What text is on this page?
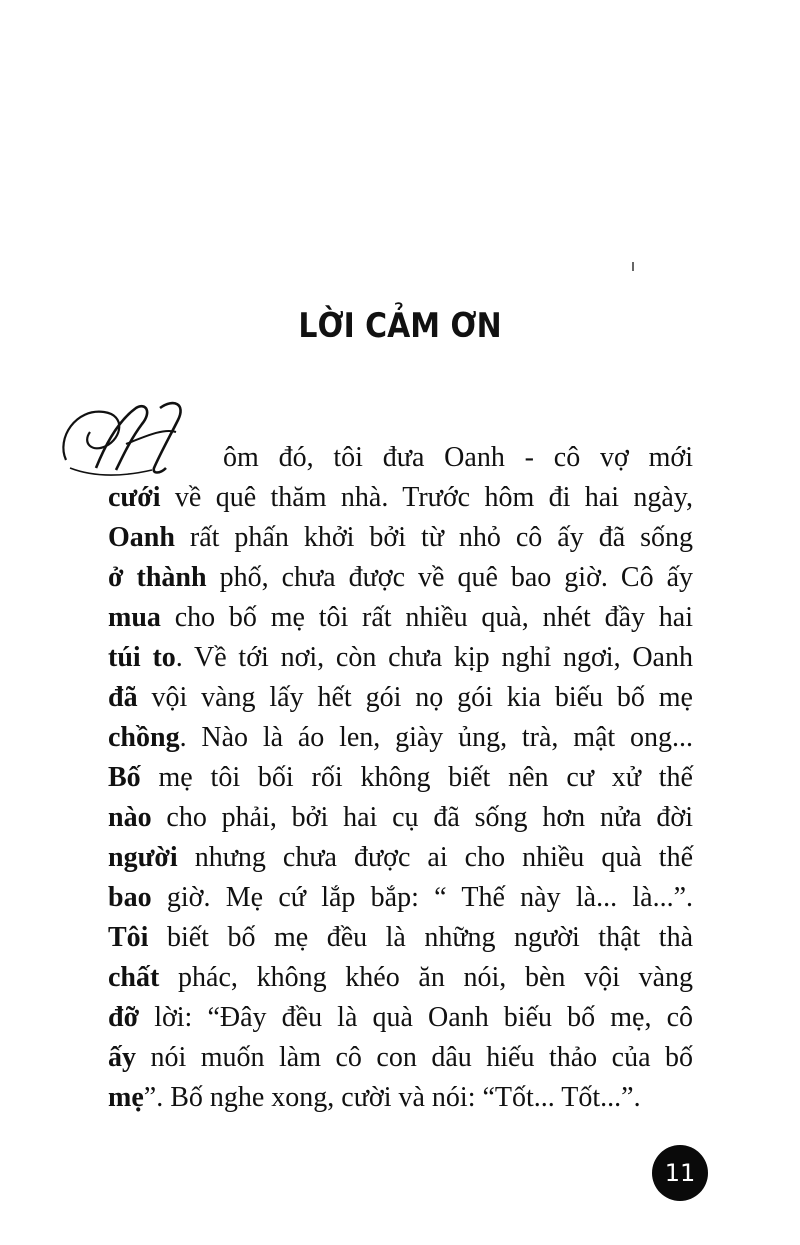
LỜI CẢM ƠN
ôm đó, tôi đưa Oanh - cô vợ mới
cưới về quê thăm nhà. Trước hôm đi hai ngày,
Oanh rất phấn khởi bởi từ nhỏ cô ấy đã sống
ở thành phố, chưa được về quê bao giờ. Cô ấy
mua cho bố mẹ tôi rất nhiều quà, nhét đầy hai
túi to. Về tới nơi, còn chưa kịp nghỉ ngơi, Oanh
đã vội vàng lấy hết gói nọ gói kia biếu bố mẹ
chồng. Nào là áo len, giày ủng, trà, mật ong...
Bố mẹ tôi bối rối không biết nên cư xử thế
nào cho phải, bởi hai cụ đã sống hơn nửa đời
người nhưng chưa được ai cho nhiều quà thế
bao giờ. Mẹ cứ lắp bắp: “ Thế này là... là...”.
Tôi biết bố mẹ đều là những người thật thà
chất phác, không khéo ăn nói, bèn vội vàng
đỡ lời: “Đây đều là quà Oanh biếu bố mẹ, cô
ấy nói muốn làm cô con dâu hiếu thảo của bố
mẹ”. Bố nghe xong, cười và nói: “Tốt... Tốt...”.
11
